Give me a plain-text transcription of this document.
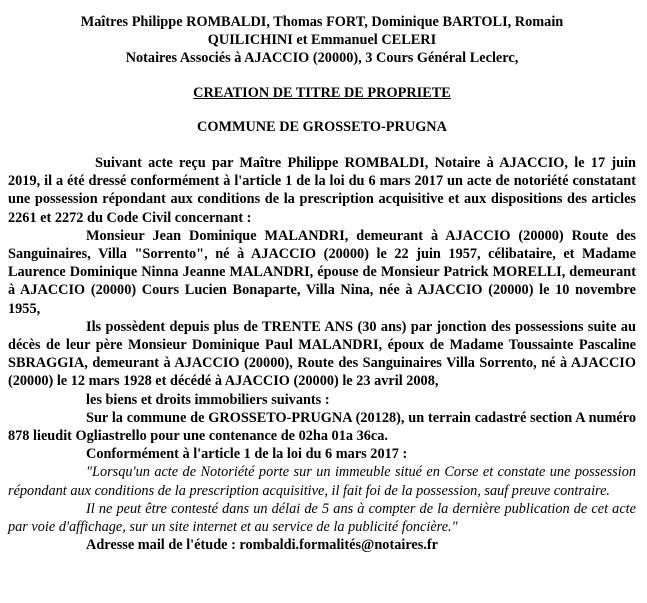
Maîtres Philippe ROMBALDI, Thomas FORT, Dominique BARTOLI, Romain
QUILICHINI et Emmanuel CELERI
Notaires Associés à AJACCIO (20000), 3 Cours Général Leclerc,
CREATION DE TITRE DE PROPRIETE
COMMUNE DE GROSSETO-PRUGNA

Suivant acte reçu par Maître Philippe ROMBALDI, Notaire à AJACCIO, le 17 juin 2019, il a été dressé conformément à l'article 1 de la loi du 6 mars 2017 un acte de notoriété constatant une possession répondant aux conditions de la prescription acquisitive et aux dispositions des articles 2261 et 2272 du Code Civil concernant :

Monsieur Jean Dominique MALANDRI, demeurant à AJACCIO (20000) Route des Sanguinaires, Villa "Sorrento", né à AJACCIO (20000) le 22 juin 1957, célibataire, et Madame Laurence Dominique Ninna Jeanne MALANDRI, épouse de Monsieur Patrick MORELLI, demeurant à AJACCIO (20000) Cours Lucien Bonaparte, Villa Nina, née à AJACCIO (20000) le 10 novembre 1955,

Ils possèdent depuis plus de TRENTE ANS (30 ans) par jonction des possessions suite au décès de leur père Monsieur Dominique Paul MALANDRI, époux de Madame Toussainte Pascaline SBRAGGIA, demeurant à AJACCIO (20000), Route des Sanguinaires Villa Sorrento, né à AJACCIO (20000) le 12 mars 1928 et décédé à AJACCIO (20000) le 23 avril 2008,

les biens et droits immobiliers suivants :

Sur la commune de GROSSETO-PRUGNA (20128), un terrain cadastré section A numéro 878 lieudit Ogliastrello pour une contenance de 02ha 01a 36ca.

Conformément à l'article 1 de la loi du 6 mars 2017 :

"Lorsqu'un acte de Notoriété porte sur un immeuble situé en Corse et constate une possession répondant aux conditions de la prescription acquisitive, il fait foi de la possession, sauf preuve contraire.

Il ne peut être contesté dans un délai de 5 ans à compter de la dernière publication de cet acte par voie d'affichage, sur un site internet et au service de la publicité foncière."

Adresse mail de l'étude : rombaldi.formalités@notaires.fr
